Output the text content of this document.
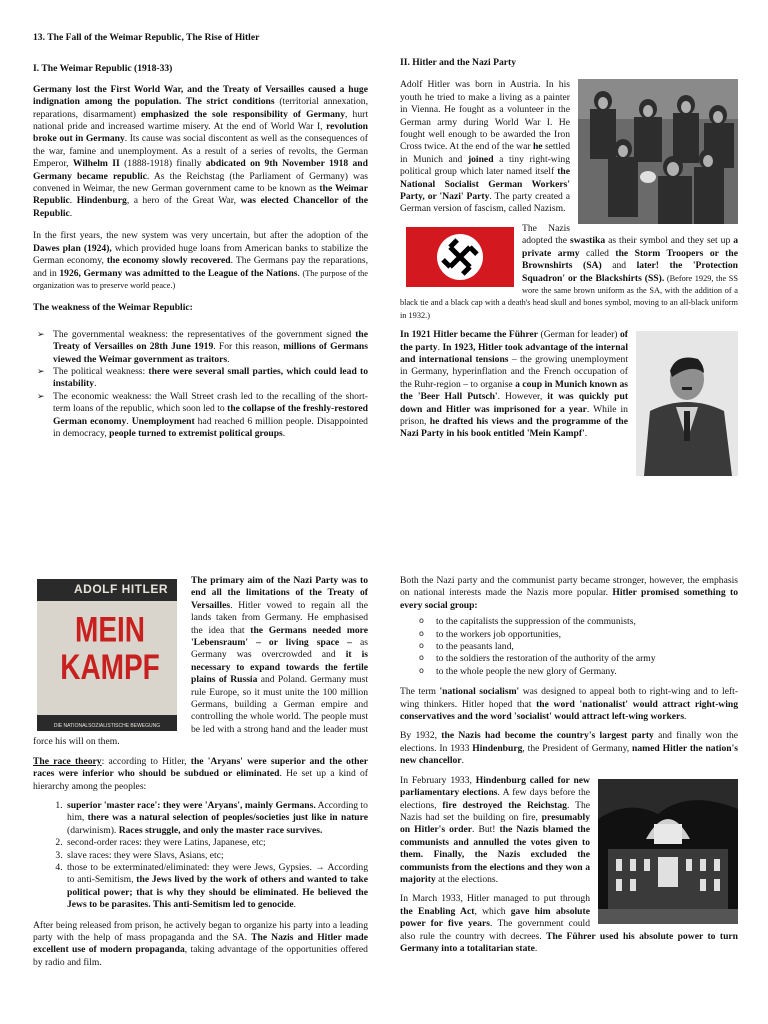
13. The Fall of the Weimar Republic, The Rise of Hitler
I. The Weimar Republic (1918-33)

Germany lost the First World War, and the Treaty of Versailles caused a huge indignation among the population. The strict conditions (territorial annexation, reparations, disarmament) emphasized the sole responsibility of Germany, hurt national pride and increased wartime misery. At the end of World War I, revolution broke out in Germany. Its cause was social discontent as well as the consequences of the war, famine and unemployment. As a result of a series of revolts, the German Emperor, Wilhelm II (1888-1918) finally abdicated on 9th November 1918 and Germany became republic. As the Reichstag (the Parliament of Germany) was convened in Weimar, the new German government came to be known as the Weimar Republic. Hindenburg, a hero of the Great War, was elected Chancellor of the Republic.

In the first years, the new system was very uncertain, but after the adoption of the Dawes plan (1924), which provided huge loans from American banks to stabilize the German economy, the economy slowly recovered. The Germans pay the reparations, and in 1926, Germany was admitted to the League of the Nations. (The purpose of the organization was to preserve world peace.)

The weakness of the Weimar Republic:
➢ The governmental weakness: the representatives of the government signed the Treaty of Versailles on 28th June 1919. For this reason, millions of Germans viewed the Weimar government as traitors.
➢ The political weakness: there were several small parties, which could lead to instability.
➢ The economic weakness: the Wall Street crash led to the recalling of the short-term loans of the republic, which soon led to the collapse of the freshly-restored German economy. Unemployment had reached 6 million people. Disappointed in democracy, people turned to extremist political groups.
II. Hitler and the Nazi Party

Adolf Hitler was born in Austria. In his youth he tried to make a living as a painter in Vienna. He fought as a volunteer in the German army during World War I. He fought well enough to be awarded the Iron Cross twice. At the end of the war he settled in Munich and joined a tiny right-wing political group which later named itself the National Socialist German Workers' Party, or 'Nazi' Party. The party created a German version of fascism, called Nazism.

The Nazis adopted the swastika as their symbol and they set up a private army called the Storm Troopers or the Brownshirts (SA) and later! the 'Protection Squadron' or the Blackshirts (SS). (Before 1929, the SS wore the same brown uniform as the SA, with the addition of a black tie and a black cap with a death's head skull and bones symbol, moving to an all-black uniform in 1932.)

In 1921 Hitler became the Führer (German for leader) of the party. In 1923, Hitler took advantage of the internal and international tensions – the growing unemployment in Germany, hyperinflation and the French occupation of the Ruhr-region – to organise a coup in Munich known as the 'Beer Hall Putsch'. However, it was quickly put down and Hitler was imprisoned for a year. While in prison, he drafted his views and the programme of the Nazi Party in his book entitled 'Mein Kampf'.

ADOLF HITLER
MEIN
KAMPF
DIE NATIONALSOZIALISTISCHE BEWEGUNG

The primary aim of the Nazi Party was to end all the limitations of the Treaty of Versailles. Hitler vowed to regain all the lands taken from Germany. He emphasised the idea that the Germans needed more 'Lebensraum' – or living space – as Germany was overcrowded and it is necessary to expand towards the fertile plains of Russia and Poland. Germany must rule Europe, so it must unite the 100 million Germans, building a German empire and controlling the whole world. The people must be led with a strong hand and the leader must force his will on them.

The race theory: according to Hitler, the 'Aryans' were superior and the other races were inferior who should be subdued or eliminated. He set up a kind of hierarchy among the peoples:

1. superior 'master race': they were 'Aryans', mainly Germans. According to him, there was a natural selection of peoples/societies just like in nature (darwinism). Races struggle, and only the master race survives.
2. second-order races: they were Latins, Japanese, etc;
3. slave races: they were Slavs, Asians, etc;
4. those to be exterminated/eliminated: they were Jews, Gypsies. → According to anti-Semitism, the Jews lived by the work of others and wanted to take political power; that is why they should be eliminated. He believed the Jews to be parasites. This anti-Semitism led to genocide.

After being released from prison, he actively began to organize his party into a leading party with the help of mass propaganda and the SA. The Nazis and Hitler made excellent use of modern propaganda, taking advantage of the opportunities offered by radio and film.

Both the Nazi party and the communist party became stronger, however, the emphasis on national interests made the Nazis more popular. Hitler promised something to every social group:

o to the capitalists the suppression of the communists,
o to the workers job opportunities,
o to the peasants land,
o to the soldiers the restoration of the authority of the army
o to the whole people the new glory of Germany.

The term 'national socialism' was designed to appeal both to right-wing and to left-wing thinkers. Hitler hoped that the word 'nationalist' would attract right-wing conservatives and the word 'socialist' would attract left-wing workers.

By 1932, the Nazis had become the country's largest party and finally won the elections. In 1933 Hindenburg, the President of Germany, named Hitler the nation's new chancellor.

In February 1933, Hindenburg called for new parliamentary elections. A few days before the elections, fire destroyed the Reichstag. The Nazis had set the building on fire, presumably on Hitler's order. But! the Nazis blamed the communists and annulled the votes given to them. Finally, the Nazis excluded the communists from the elections and they won a majority at the elections.

In March 1933, Hitler managed to put through the Enabling Act, which gave him absolute power for five years. The government could also rule the country with decrees. The Führer used his absolute power to turn Germany into a totalitarian state.
